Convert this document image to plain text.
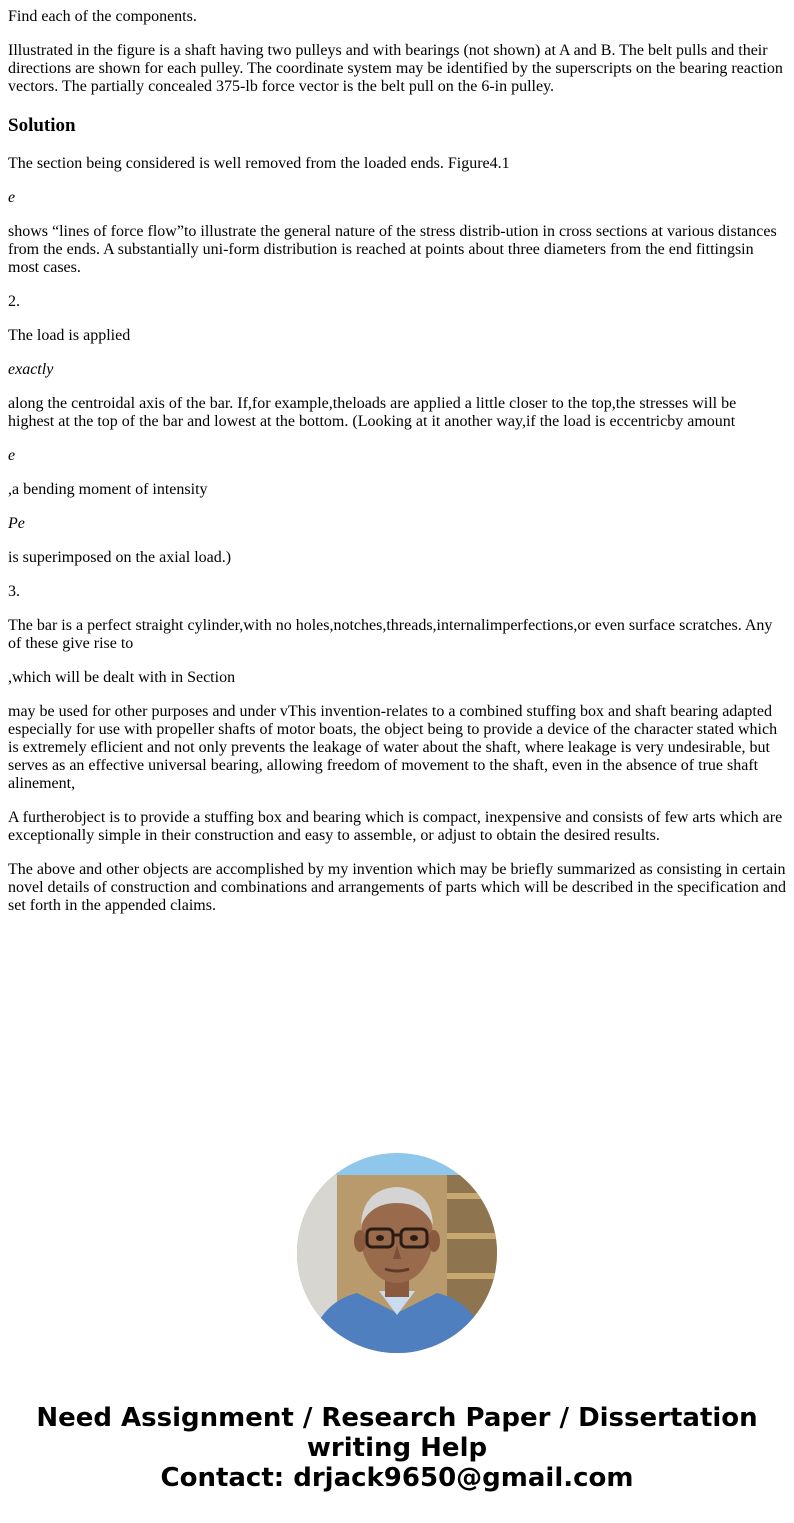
Find each of the components.

Illustrated in the figure is a shaft having two pulleys and with bearings (not shown) at A and B. The belt pulls and their directions are shown for each pulley. The coordinate system may be identified by the superscripts on the bearing reaction vectors. The partially concealed 375-lb force vector is the belt pull on the 6-in pulley.

Solution

The section being considered is well removed from the loaded ends. Figure4.1

e

shows “lines of force flow”to illustrate the general nature of the stress distrib-ution in cross sections at various distances from the ends. A substantially uni-form distribution is reached at points about three diameters from the end fittingsin most cases.

2.

The load is applied

exactly

along the centroidal axis of the bar. If,for example,theloads are applied a little closer to the top,the stresses will be highest at the top of the bar and lowest at the bottom. (Looking at it another way,if the load is eccentricby amount

e

,a bending moment of intensity

Pe

is superimposed on the axial load.)

3.

The bar is a perfect straight cylinder,with no holes,notches,threads,internalimperfections,or even surface scratches. Any of these give rise to

,which will be dealt with in Section

may be used for other purposes and under vThis invention-relates to a combined stuffing box and shaft bearing adapted especially for use with propeller shafts of motor boats, the object being to provide a device of the character stated which is extremely eflicient and not only prevents the leakage of water about the shaft, where leakage is very undesirable, but serves as an effective universal bearing, allowing freedom of movement to the shaft, even in the absence of true shaft alinement,

A furtherobject is to provide a stuffing box and bearing which is compact, inexpensive and consists of few arts which are exceptionally simple in their construction and easy to assemble, or adjust to obtain the desired results.

The above and other objects are accomplished by my invention which may be briefly summarized as consisting in certain novel details of construction and combinations and arrangements of parts which will be described in the specification and set forth in the appended claims.

Need Assignment / Research Paper / Dissertation
writing Help
Contact: drjack9650@gmail.com
